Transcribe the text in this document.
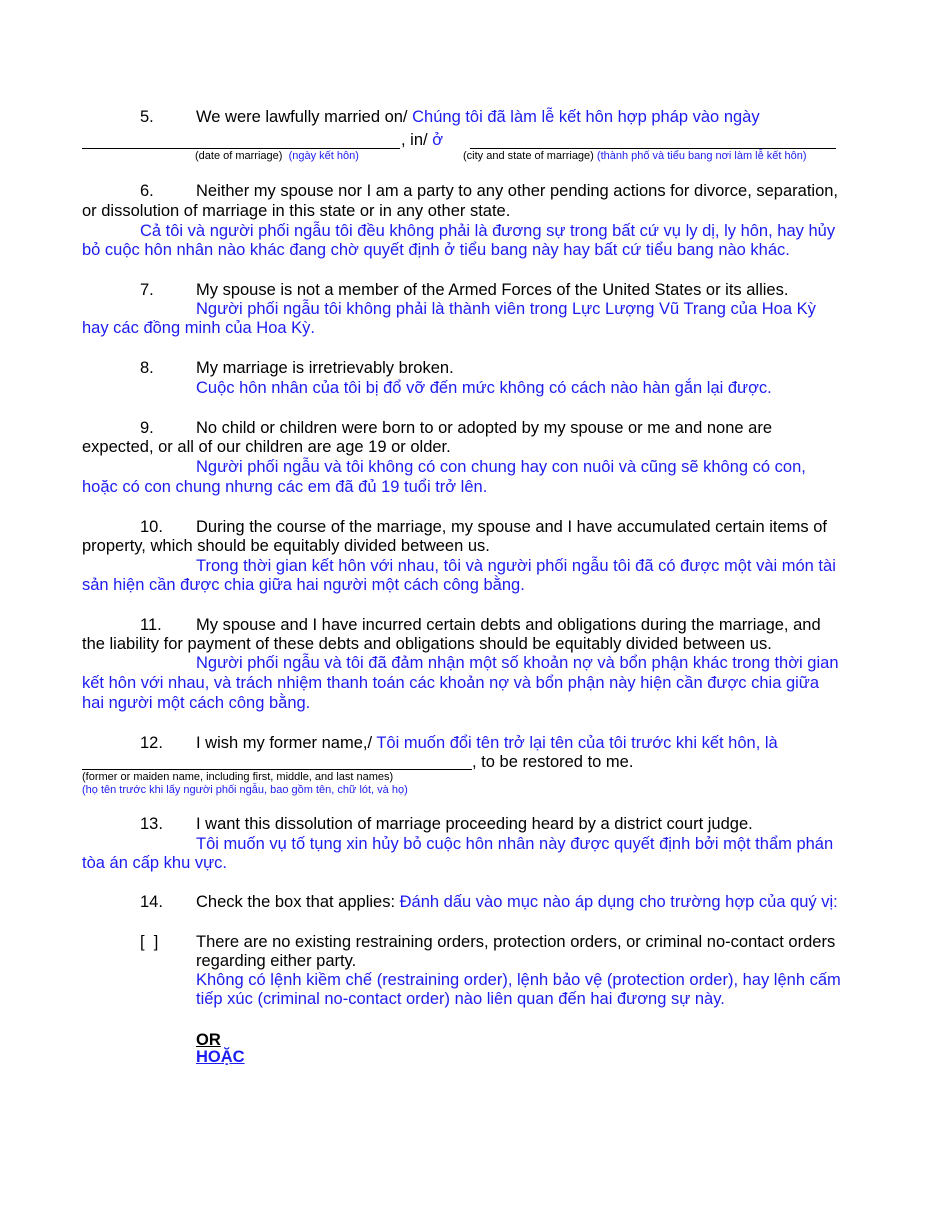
5.	We were lawfully married on/ Chúng tôi đã làm lễ kết hôn hợp pháp vào ngày
, in/ ở
(date of marriage) (ngày kết hôn)	(city and state of marriage) (thành phố và tiểu bang nơi làm lễ kết hôn)
6.	Neither my spouse nor I am a party to any other pending actions for divorce, separation,
or dissolution of marriage in this state or in any other state.
Cả tôi và người phối ngẫu tôi đều không phải là đương sự trong bất cứ vụ ly dị, ly hôn, hay hủy
bỏ cuộc hôn nhân nào khác đang chờ quyết định ở tiểu bang này hay bất cứ tiểu bang nào khác.
7.	My spouse is not a member of the Armed Forces of the United States or its allies.
Người phối ngẫu tôi không phải là thành viên trong Lực Lượng Vũ Trang của Hoa Kỳ
hay các đồng minh của Hoa Kỳ.
8.	My marriage is irretrievably broken.
Cuộc hôn nhân của tôi bị đổ vỡ đến mức không có cách nào hàn gắn lại được.
9.	No child or children were born to or adopted by my spouse or me and none are
expected, or all of our children are age 19 or older.
Người phối ngẫu và tôi không có con chung hay con nuôi và cũng sẽ không có con,
hoặc có con chung nhưng các em đã đủ 19 tuổi trở lên.
10. During the course of the marriage, my spouse and I have accumulated certain items of
property, which should be equitably divided between us.
Trong thời gian kết hôn với nhau, tôi và người phối ngẫu tôi đã có được một vài món tài
sản hiện cần được chia giữa hai người một cách công bằng.
11. My spouse and I have incurred certain debts and obligations during the marriage, and
the liability for payment of these debts and obligations should be equitably divided between us.
Người phối ngẫu và tôi đã đảm nhận một số khoản nợ và bổn phận khác trong thời gian
kết hôn với nhau, và trách nhiệm thanh toán các khoản nợ và bổn phận này hiện cần được chia giữa
hai người một cách công bằng.
12. I wish my former name,/ Tôi muốn đổi tên trở lại tên của tôi trước khi kết hôn, là
, to be restored to me.
(former or maiden name, including first, middle, and last names)
(họ tên trước khi lấy người phối ngẫu, bao gồm tên, chữ lót, và họ)
13. I want this dissolution of marriage proceeding heard by a district court judge.
Tôi muốn vụ tố tụng xin hủy bỏ cuộc hôn nhân này được quyết định bởi một thẩm phán
tòa án cấp khu vực.
14. Check the box that applies: Đánh dấu vào mục nào áp dụng cho trường hợp của quý vị:
[  ] There are no existing restraining orders, protection orders, or criminal no-contact orders
regarding either party.
Không có lệnh kiềm chế (restraining order), lệnh bảo vệ (protection order), hay lệnh cấm
tiếp xúc (criminal no-contact order) nào liên quan đến hai đương sự này.
OR
HOẶC
